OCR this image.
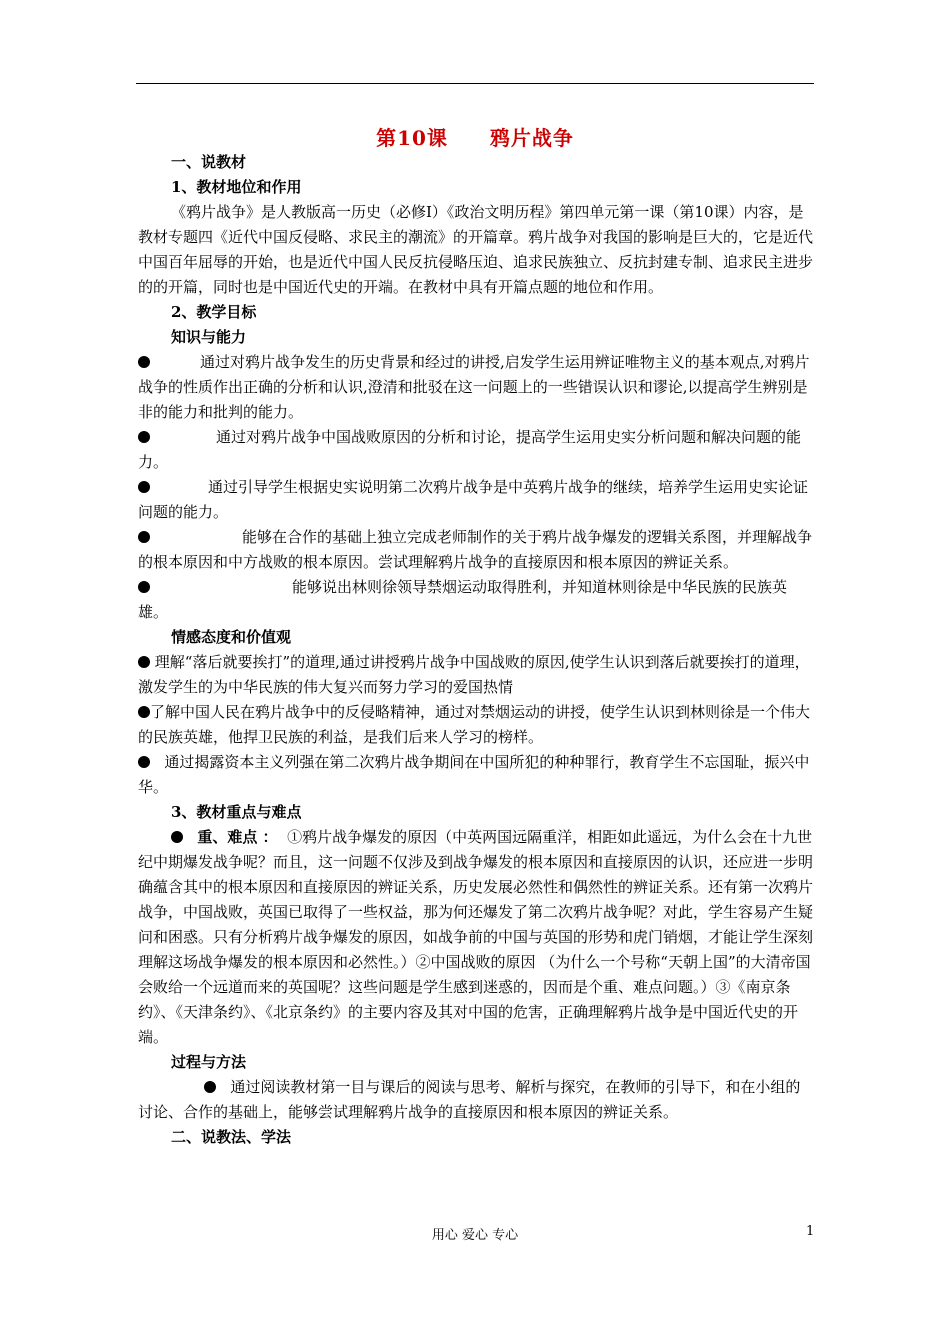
第10课 鸦片战争

一、说教材

1、教材地位和作用

《鸦片战争》是人教版高一历史（必修Ⅰ）《政治文明历程》第四单元第一课（第10课）内容，是教材专题四《近代中国反侵略、求民主的潮流》的开篇章。鸦片战争对我国的影响是巨大的，它是近代中国百年屈辱的开始，也是近代中国人民反抗侵略压迫、追求民族独立、反抗封建专制、追求民主进步的的开篇，同时也是中国近代史的开端。在教材中具有开篇点题的地位和作用。

2、教学目标

知识与能力

通过对鸦片战争发生的历史背景和经过的讲授,启发学生运用辨证唯物主义的基本观点,对鸦片战争的性质作出正确的分析和认识,澄清和批驳在这一问题上的一些错误认识和谬论,以提高学生辨别是非的能力和批判的能力。

通过对鸦片战争中国战败原因的分析和讨论，提高学生运用史实分析问题和解决问题的能力。

通过引导学生根据史实说明第二次鸦片战争是中英鸦片战争的继续，培养学生运用史实论证问题的能力。

能够在合作的基础上独立完成老师制作的关于鸦片战争爆发的逻辑关系图，并理解战争的根本原因和中方战败的根本原因。尝试理解鸦片战争的直接原因和根本原因的辨证关系。

能够说出林则徐领导禁烟运动取得胜利，并知道林则徐是中华民族的民族英雄。

情感态度和价值观

理解“落后就要挨打”的道理,通过讲授鸦片战争中国战败的原因,使学生认识到落后就要挨打的道理，激发学生的为中华民族的伟大复兴而努力学习的爱国热情

了解中国人民在鸦片战争中的反侵略精神，通过对禁烟运动的讲授，使学生认识到林则徐是一个伟大的民族英雄，他捍卫民族的利益，是我们后来人学习的榜样。

通过揭露资本主义列强在第二次鸦片战争期间在中国所犯的种种罪行，教育学生不忘国耻，振兴中华。

3、教材重点与难点

重、难点 ： ①鸦片战争爆发的原因（中英两国远隔重洋，相距如此遥远，为什么会在十九世纪中期爆发战争呢？而且，这一问题不仅涉及到战争爆发的根本原因和直接原因的认识，还应进一步明确蕴含其中的根本原因和直接原因的辨证关系，历史发展必然性和偶然性的辨证关系。还有第一次鸦片战争，中国战败，英国已取得了一些权益，那为何还爆发了第二次鸦片战争呢？对此，学生容易产生疑问和困惑。只有分析鸦片战争爆发的原因，如战争前的中国与英国的形势和虎门销烟，才能让学生深刻理解这场战争爆发的根本原因和必然性。）②中国战败的原因 （为什么一个号称“天朝上国”的大清帝国会败给一个远道而来的英国呢？这些问题是学生感到迷惑的，因而是个重、难点问题。）③《南京条约》、《天津条约》、《北京条约》的主要内容及其对中国的危害，正确理解鸦片战争是中国近代史的开端。

过程与方法

通过阅读教材第一目与课后的阅读与思考、解析与探究，在教师的引导下，和在小组的讨论、合作的基础上，能够尝试理解鸦片战争的直接原因和根本原因的辨证关系。

二、说教法、学法

用心 爱心 专心	1
